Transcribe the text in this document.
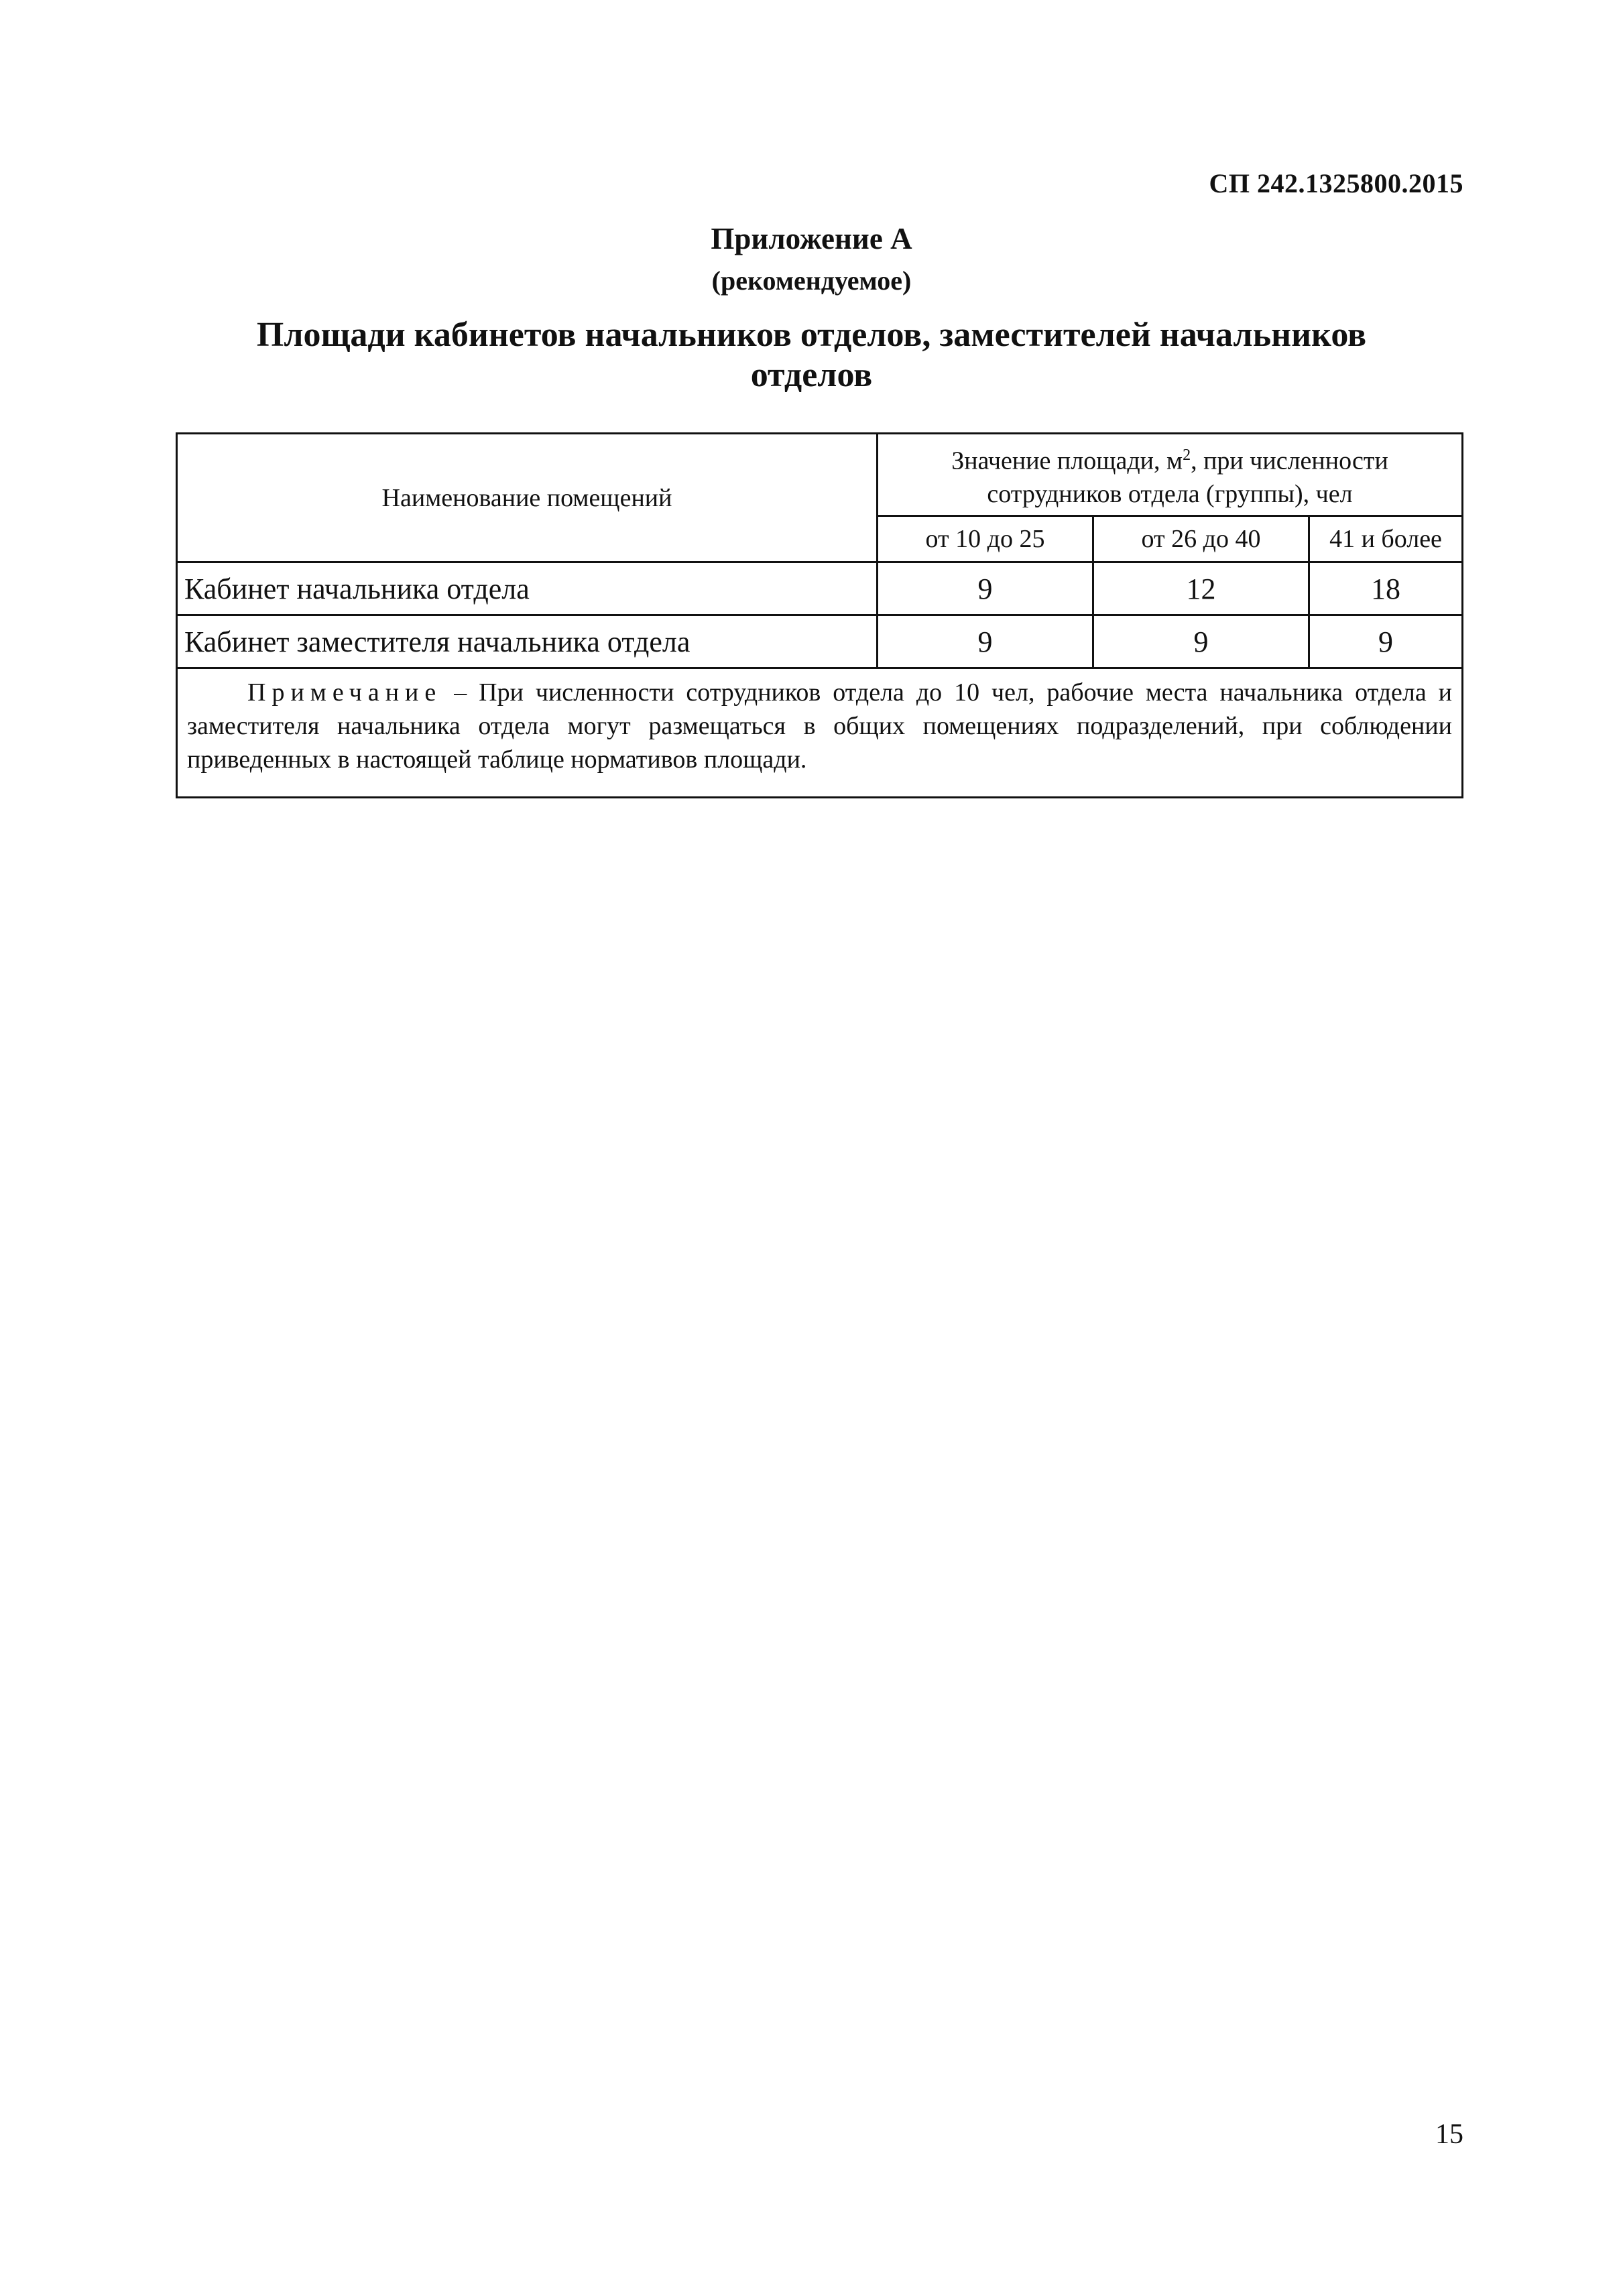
СП 242.1325800.2015
Приложение А
(рекомендуемое)
Площади кабинетов начальников отделов, заместителей начальников
отделов
Наименование помещений	Значение площади, $м^2$, при численности
сотрудников отдела (группы), чел		
	от 10 до 25	от 26 до 40	41 и более
Кабинет начальника отдела	9	12	18
Кабинет заместителя начальника отдела	9	9	9
Примечание – При численности сотрудников отдела до 10 чел, рабочие места начальника отдела и заместителя начальника отдела могут размещаться в общих помещениях подразделений, при соблюдении приведенных в настоящей таблице нормативов площади.			
15
